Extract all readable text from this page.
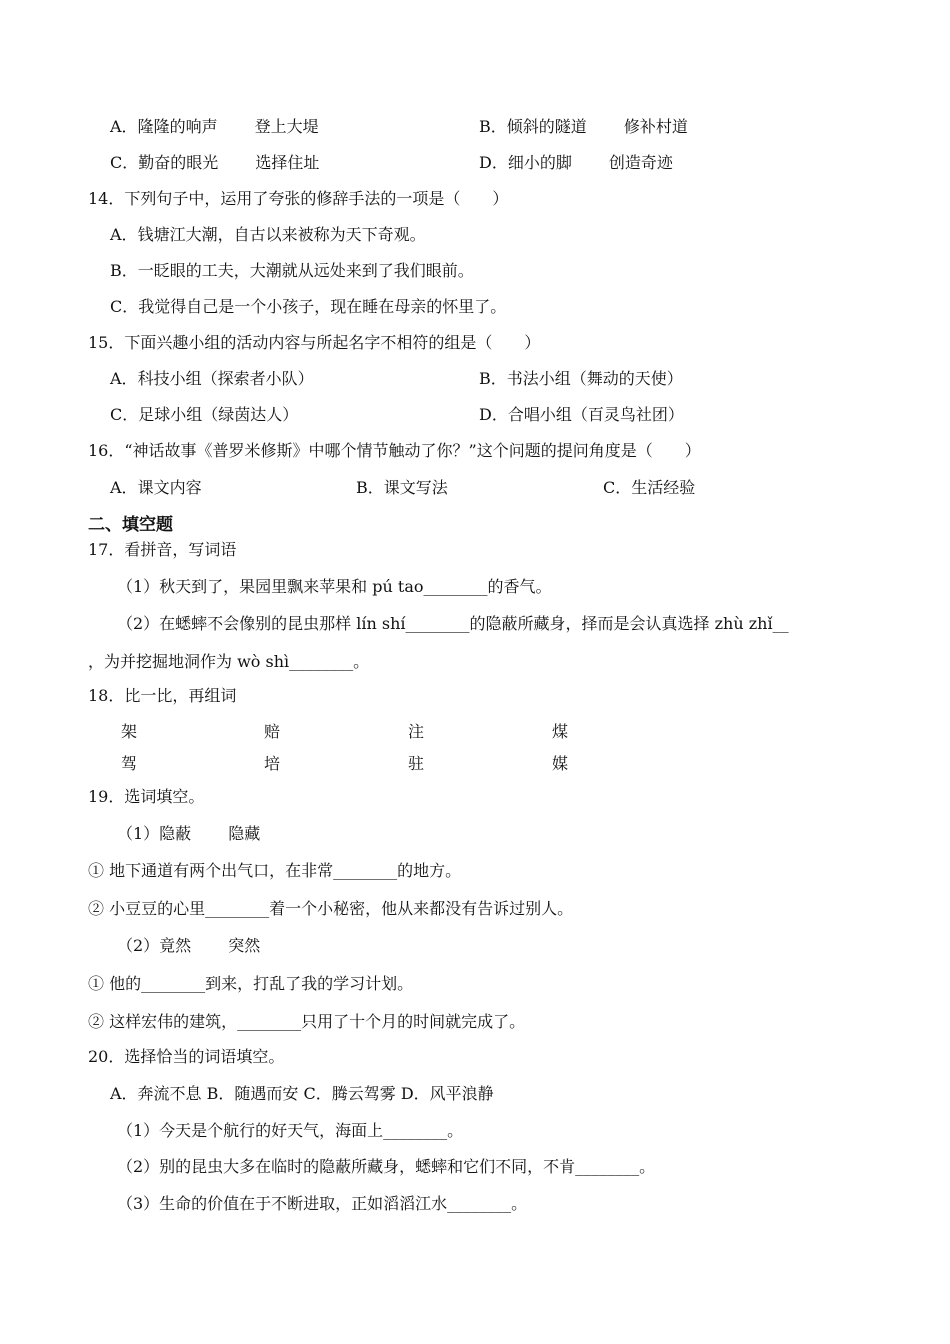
A．隆隆的响声 　　登上大堤	B．倾斜的隧道 　　修补村道
C．勤奋的眼光 　　选择住址	D．细小的脚 　　创造奇迹
14．下列句子中，运用了夸张的修辞手法的一项是（　　）
A．钱塘江大潮，自古以来被称为天下奇观。
B．一眨眼的工夫，大潮就从远处来到了我们眼前。
C．我觉得自己是一个小孩子，现在睡在母亲的怀里了。
15．下面兴趣小组的活动内容与所起名字不相符的组是（　　）
A．科技小组（探索者小队）	B．书法小组（舞动的天使）
C．足球小组（绿茵达人）	D．合唱小组（百灵鸟社团）
16．“神话故事《普罗米修斯》中哪个情节触动了你？”这个问题的提问角度是（　　）
A．课文内容	B．课文写法	C．生活经验
二、填空题
17．看拼音，写词语
（1）秋天到了，果园里飘来苹果和 pú tao________的香气。
（2）在蟋蟀不会像别的昆虫那样 lín shí________的隐蔽所藏身，择而是会认真选择 zhù zhǐ__
，为并挖掘地洞作为 wò shì________。
18．比一比，再组词
架	赔	注	煤
驾	培	驻	媒
19．选词填空。
（1）隐蔽 　　隐藏
① 地下通道有两个出气口，在非常________的地方。
② 小豆豆的心里________着一个小秘密，他从来都没有告诉过别人。
（2）竟然 　　突然
① 他的________到来，打乱了我的学习计划。
② 这样宏伟的建筑，________只用了十个月的时间就完成了。
20．选择恰当的词语填空。
A．奔流不息 B．随遇而安 C．腾云驾雾 D．风平浪静
（1）今天是个航行的好天气，海面上________。
（2）别的昆虫大多在临时的隐蔽所藏身，蟋蟀和它们不同，不肯________。
（3）生命的价值在于不断进取，正如滔滔江水________。
